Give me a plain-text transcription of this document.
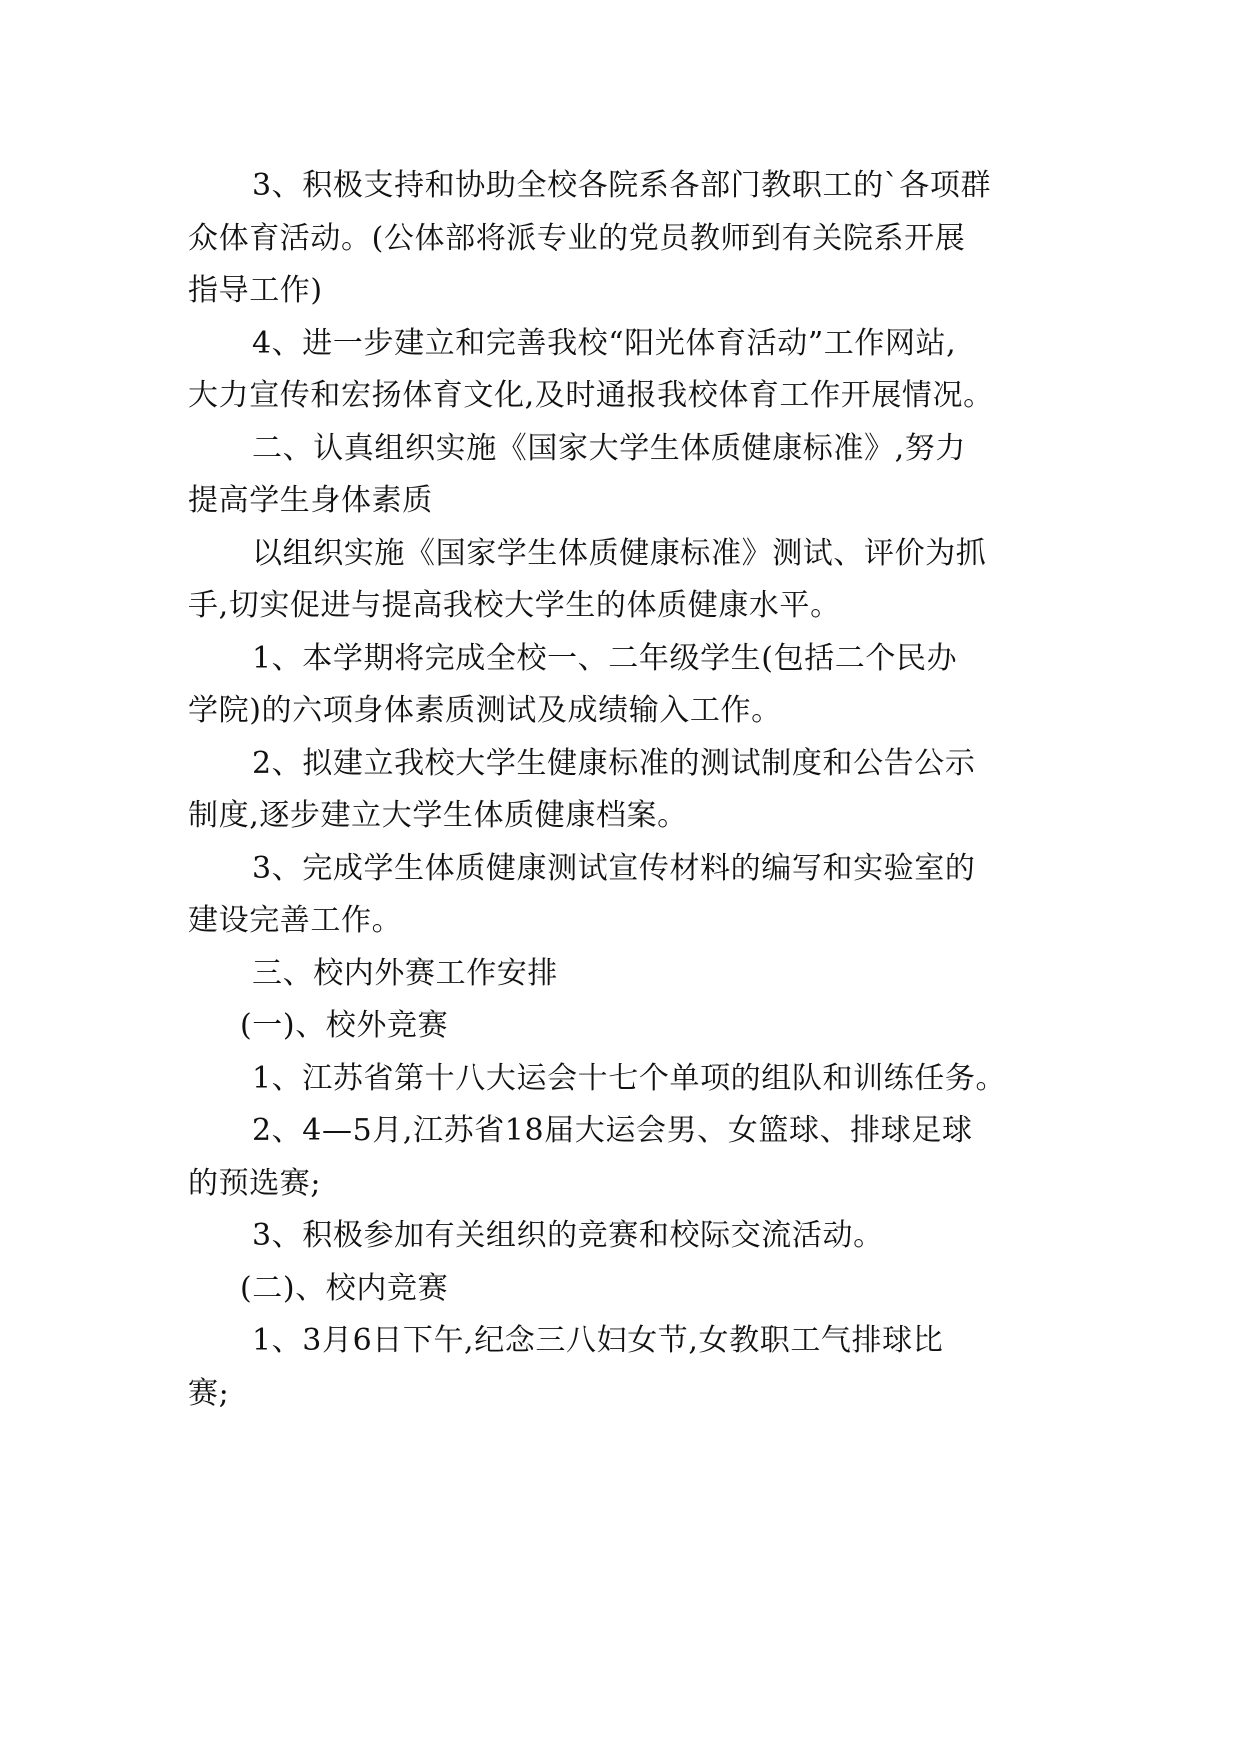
3、积极支持和协助全校各院系各部门教职工的`各项群
众体育活动。(公体部将派专业的党员教师到有关院系开展
指导工作)
4、进一步建立和完善我校“阳光体育活动”工作网站,
大力宣传和宏扬体育文化,及时通报我校体育工作开展情况。
二、认真组织实施《国家大学生体质健康标准》,努力
提高学生身体素质
以组织实施《国家学生体质健康标准》测试、评价为抓
手,切实促进与提高我校大学生的体质健康水平。
1、本学期将完成全校一、二年级学生(包括二个民办
学院)的六项身体素质测试及成绩输入工作。
2、拟建立我校大学生健康标准的测试制度和公告公示
制度,逐步建立大学生体质健康档案。
3、完成学生体质健康测试宣传材料的编写和实验室的
建设完善工作。
三、校内外赛工作安排
(一)、校外竞赛
1、江苏省第十八大运会十七个单项的组队和训练任务。
2、4—5月,江苏省18届大运会男、女篮球、排球足球
的预选赛;
3、积极参加有关组织的竞赛和校际交流活动。
(二)、校内竞赛
1、3月6日下午,纪念三八妇女节,女教职工气排球比
赛;
